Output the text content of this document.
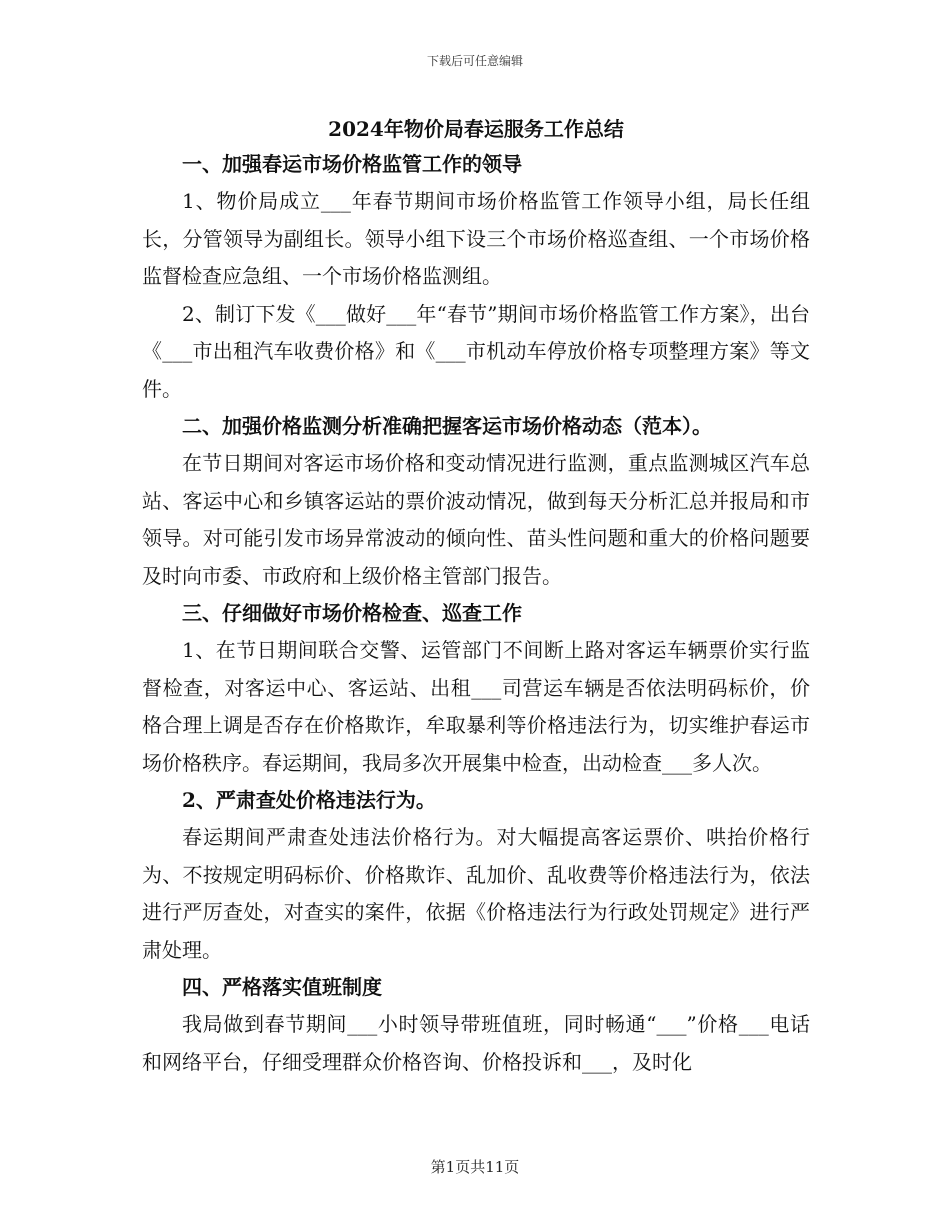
下载后可任意编辑
2024年物价局春运服务工作总结

一、加强春运市场价格监管工作的领导

1、物价局成立___年春节期间市场价格监管工作领导小组，局长任组长，分管领导为副组长。领导小组下设三个市场价格巡查组、一个市场价格监督检查应急组、一个市场价格监测组。

2、制订下发《___做好___年“春节”期间市场价格监管工作方案》，出台《___市出租汽车收费价格》和《___市机动车停放价格专项整理方案》等文件。

二、加强价格监测分析准确把握客运市场价格动态（范本）。

在节日期间对客运市场价格和变动情况进行监测，重点监测城区汽车总站、客运中心和乡镇客运站的票价波动情况，做到每天分析汇总并报局和市领导。对可能引发市场异常波动的倾向性、苗头性问题和重大的价格问题要及时向市委、市政府和上级价格主管部门报告。

三、仔细做好市场价格检查、巡查工作

1、在节日期间联合交警、运管部门不间断上路对客运车辆票价实行监督检查，对客运中心、客运站、出租___司营运车辆是否依法明码标价，价格合理上调是否存在价格欺诈，牟取暴利等价格违法行为，切实维护春运市场价格秩序。春运期间，我局多次开展集中检查，出动检查___多人次。

2、严肃查处价格违法行为。

春运期间严肃查处违法价格行为。对大幅提高客运票价、哄抬价格行为、不按规定明码标价、价格欺诈、乱加价、乱收费等价格违法行为，依法进行严厉查处，对查实的案件，依据《价格违法行为行政处罚规定》进行严肃处理。

四、严格落实值班制度

我局做到春节期间___小时领导带班值班，同时畅通“___”价格___电话和网络平台，仔细受理群众价格咨询、价格投诉和___，及时化

第1页共11页
